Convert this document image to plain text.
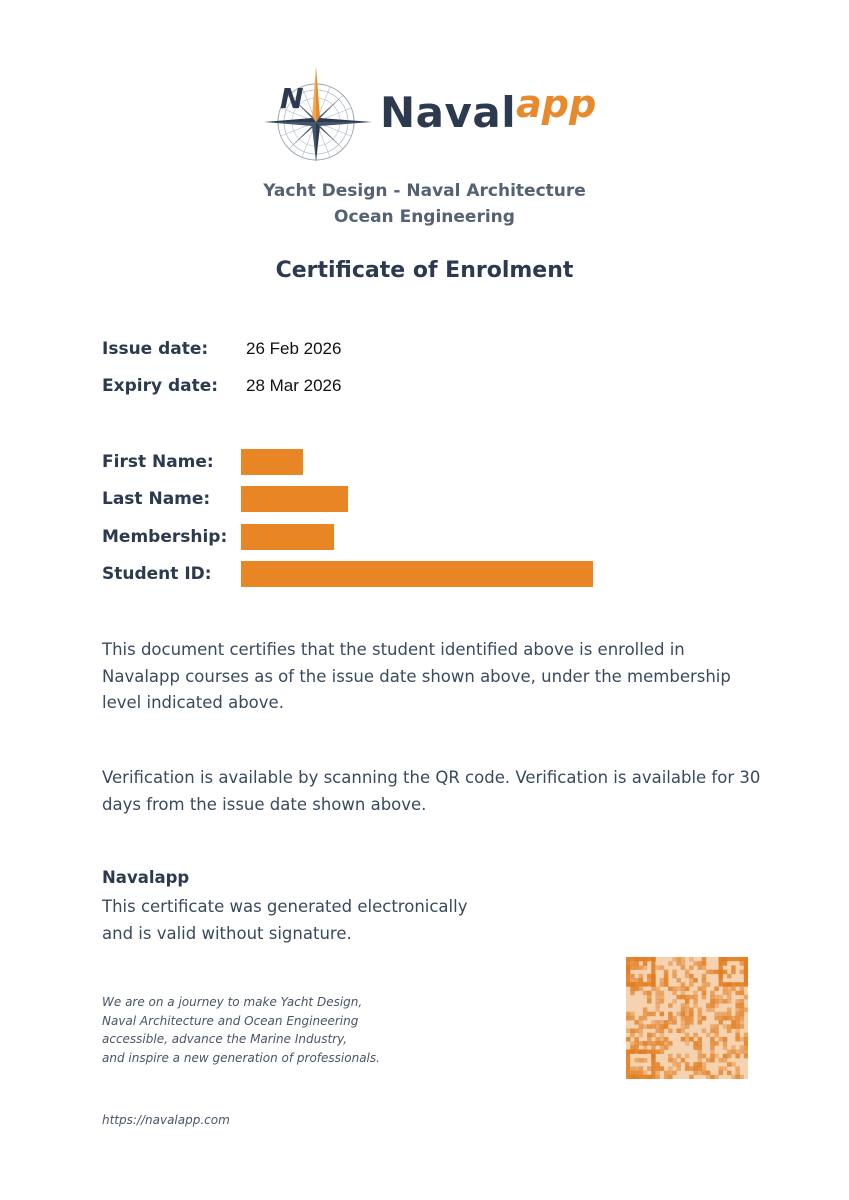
N Navalapp
Yacht Design - Naval Architecture
Ocean Engineering
Certificate of Enrolment
Issue date: 26 Feb 2026
Expiry date: 28 Mar 2026
First Name:
Last Name:
Membership:
Student ID:
This document certifies that the student identified above is enrolled in Navalapp courses as of the issue date shown above, under the membership level indicated above.
Verification is available by scanning the QR code. Verification is available for 30 days from the issue date shown above.
Navalapp
This certificate was generated electronically
and is valid without signature.
We are on a journey to make Yacht Design,
Naval Architecture and Ocean Engineering
accessible, advance the Marine Industry,
and inspire a new generation of professionals.
https://navalapp.com
